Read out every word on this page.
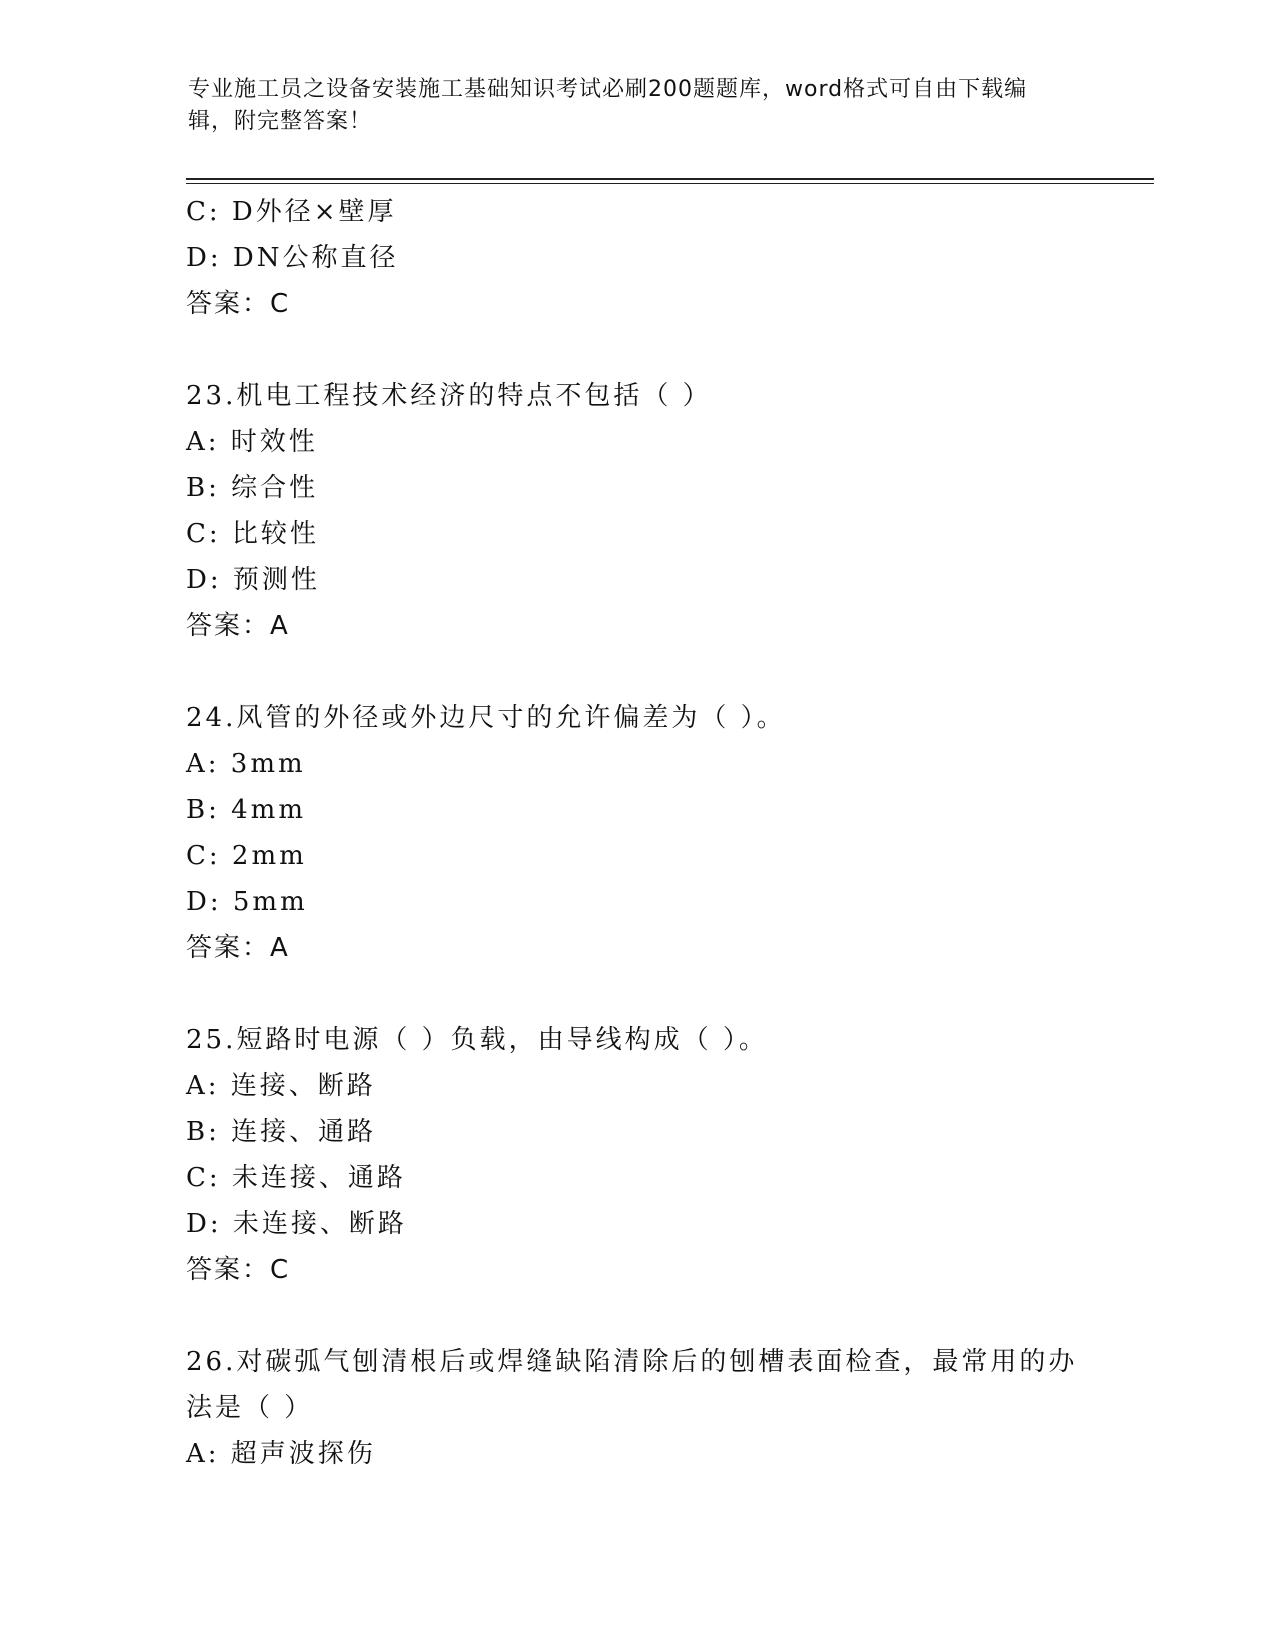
专业施工员之设备安装施工基础知识考试必刷200题题库，word格式可自由下载编辑，附完整答案！
C: D外径×壁厚
D: DN公称直径
答案：C
23.机电工程技术经济的特点不包括（ ）
A: 时效性
B: 综合性
C: 比较性
D: 预测性
答案：A
24.风管的外径或外边尺寸的允许偏差为（ ）。
A: 3mm
B: 4mm
C: 2mm
D: 5mm
答案：A
25.短路时电源（ ）负载，由导线构成（ ）。
A: 连接、断路
B: 连接、通路
C: 未连接、通路
D: 未连接、断路
答案：C
26.对碳弧气刨清根后或焊缝缺陷清除后的刨槽表面检查，最常用的办法是（ ）
A: 超声波探伤
